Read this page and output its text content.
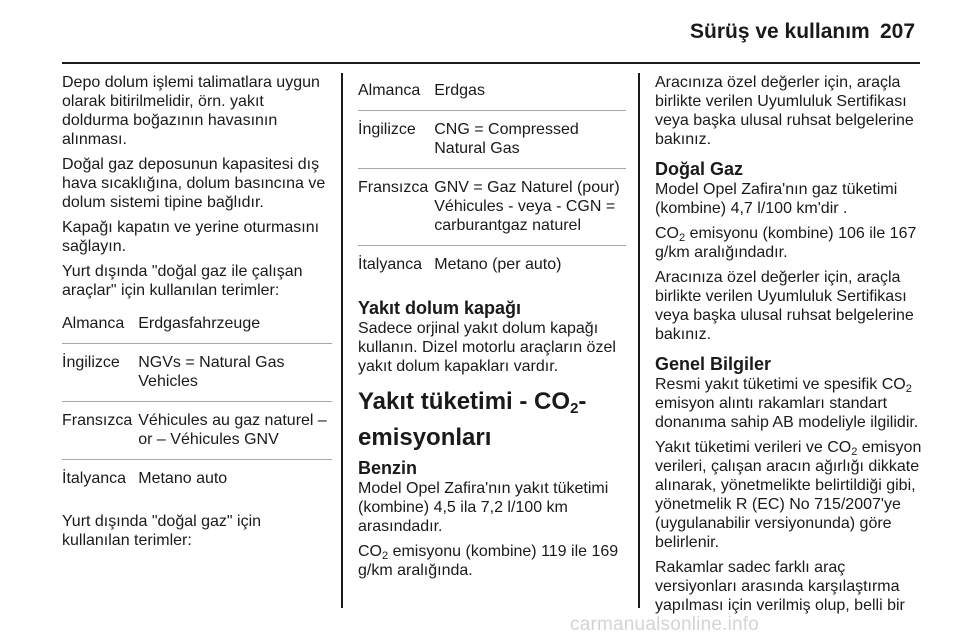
Sürüş ve kullanım 207

Depo dolum işlemi talimatlara uygun olarak bitirilmelidir, örn. yakıt doldurma boğazının havasının alınması.

Doğal gaz deposunun kapasitesi dış hava sıcaklığına, dolum basıncına ve dolum sistemi tipine bağlıdır.

Kapağı kapatın ve yerine oturmasını sağlayın.

Yurt dışında "doğal gaz ile çalışan araçlar" için kullanılan terimler:

Almanca	Erdgasfahrzeuge
İngilizce	NGVs = Natural Gas Vehicles
Fransızca	Véhicules au gaz naturel – or – Véhicules GNV
İtalyanca	Metano auto

Yurt dışında "doğal gaz" için kullanılan terimler:

Almanca	Erdgas
İngilizce	CNG = Compressed Natural Gas
Fransızca	GNV = Gaz Naturel (pour) Véhicules - veya - CGN = carburantgaz naturel
İtalyanca	Metano (per auto)
Yakıt dolum kapağı

Sadece orjinal yakıt dolum kapağı kullanın. Dizel motorlu araçların özel yakıt dolum kapakları vardır.

Yakıt tüketimi - $CO_2$-emisyonları
Benzin

Model Opel Zafira'nın yakıt tüketimi (kombine) 4,5 ila 7,2 l/100 km arasındadır.

$CO_2$ emisyonu (kombine) 119 ile 169 g/km aralığında.

Aracınıza özel değerler için, araçla birlikte verilen Uyumluluk Sertifikası veya başka ulusal ruhsat belgelerine bakınız.

Doğal Gaz

Model Opel Zafira'nın gaz tüketimi (kombine) 4,7 l/100 km'dir .

$CO_2$ emisyonu (kombine) 106 ile 167 g/km aralığındadır.

Aracınıza özel değerler için, araçla birlikte verilen Uyumluluk Sertifikası veya başka ulusal ruhsat belgelerine bakınız.

Genel Bilgiler

Resmi yakıt tüketimi ve spesifik $CO_2$ emisyon alıntı rakamları standart donanıma sahip AB modeliyle ilgilidir.

Yakıt tüketimi verileri ve $CO_2$ emisyon verileri, çalışan aracın ağırlığı dikkate alınarak, yönetmelikte belirtildiği gibi, yönetmelik R (EC) No 715/2007'ye (uygulanabilir versiyonunda) göre belirlenir.

Rakamlar sadec farklı araç versiyonları arasında karşılaştırma yapılması için verilmiş olup, belli bir

carmanualsonline.info
